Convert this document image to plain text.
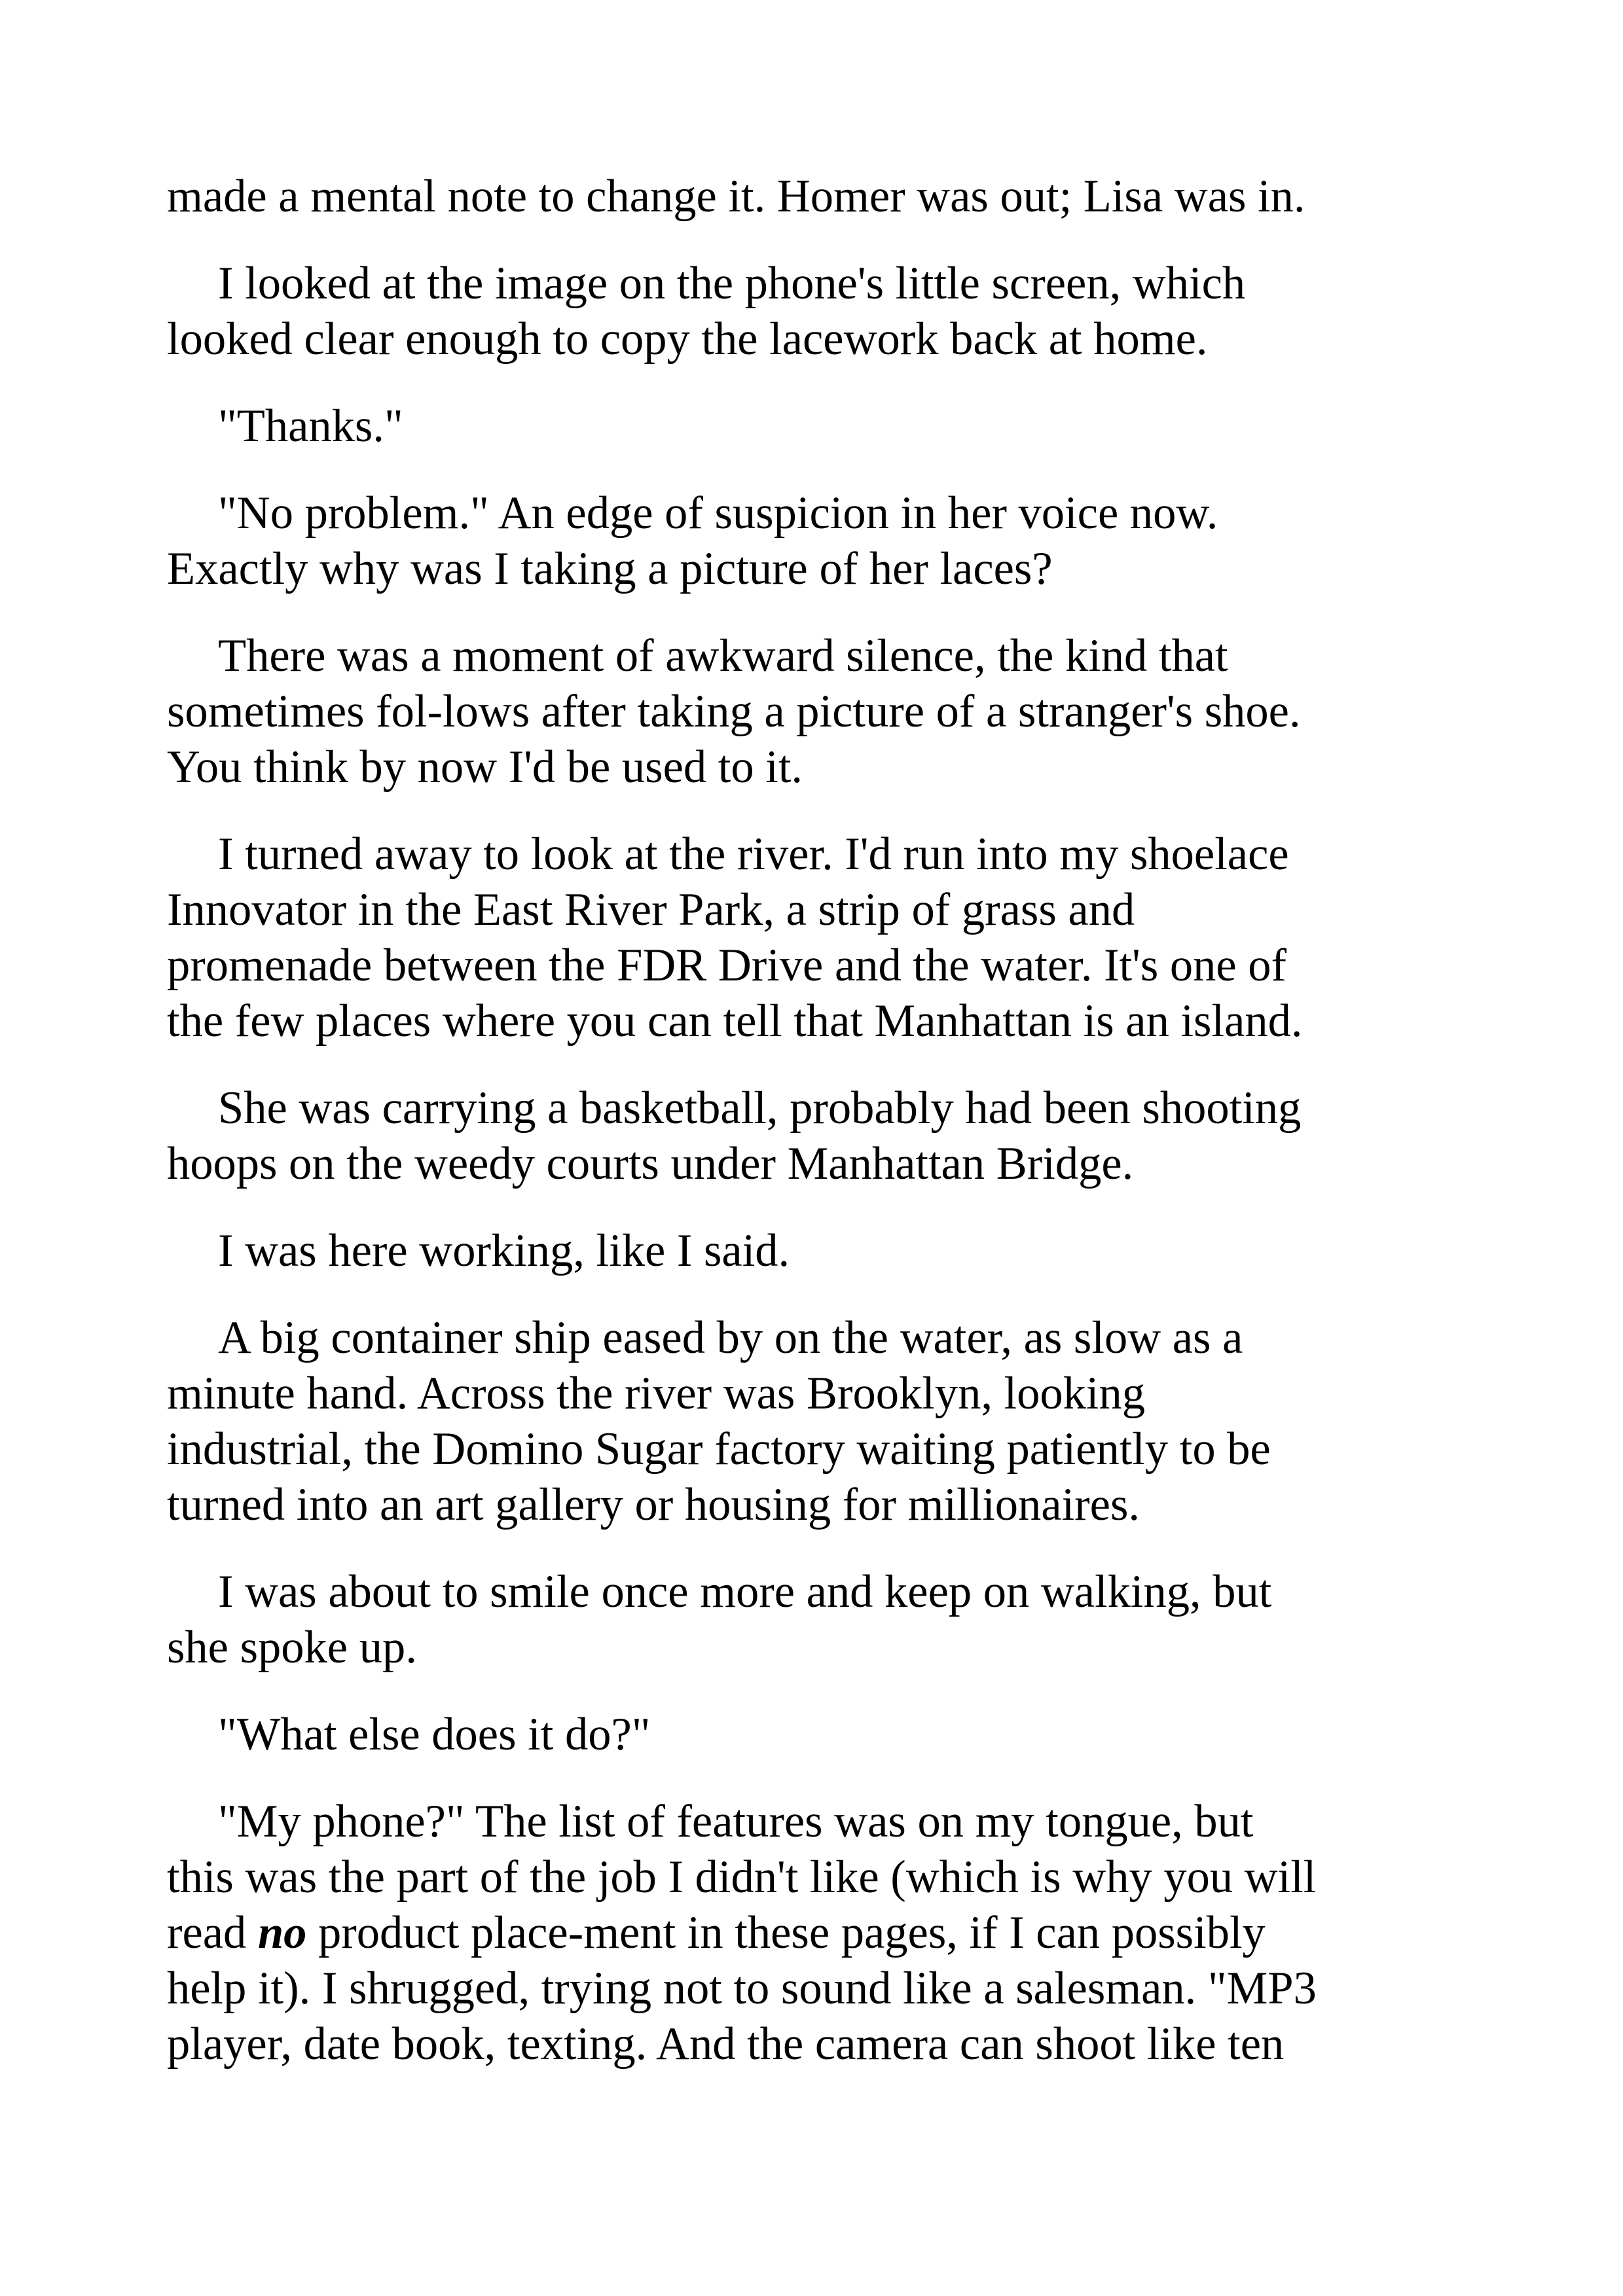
made a mental note to change it. Homer was out; Lisa was in.

I looked at the image on the phone's little screen, which
looked clear enough to copy the lacework back at home.

"Thanks."

"No problem." An edge of suspicion in her voice now.
Exactly why was I taking a picture of her laces?

There was a moment of awkward silence, the kind that
sometimes fol-lows after taking a picture of a stranger's shoe.
You think by now I'd be used to it.

I turned away to look at the river. I'd run into my shoelace
Innovator in the East River Park, a strip of grass and
promenade between the FDR Drive and the water. It's one of
the few places where you can tell that Manhattan is an island.

She was carrying a basketball, probably had been shooting
hoops on the weedy courts under Manhattan Bridge.

I was here working, like I said.

A big container ship eased by on the water, as slow as a
minute hand. Across the river was Brooklyn, looking
industrial, the Domino Sugar factory waiting patiently to be
turned into an art gallery or housing for millionaires.

I was about to smile once more and keep on walking, but
she spoke up.

"What else does it do?"

"My phone?" The list of features was on my tongue, but
this was the part of the job I didn't like (which is why you will
read no product place-ment in these pages, if I can possibly
help it). I shrugged, trying not to sound like a salesman. "MP3
player, date book, texting. And the camera can shoot like ten
